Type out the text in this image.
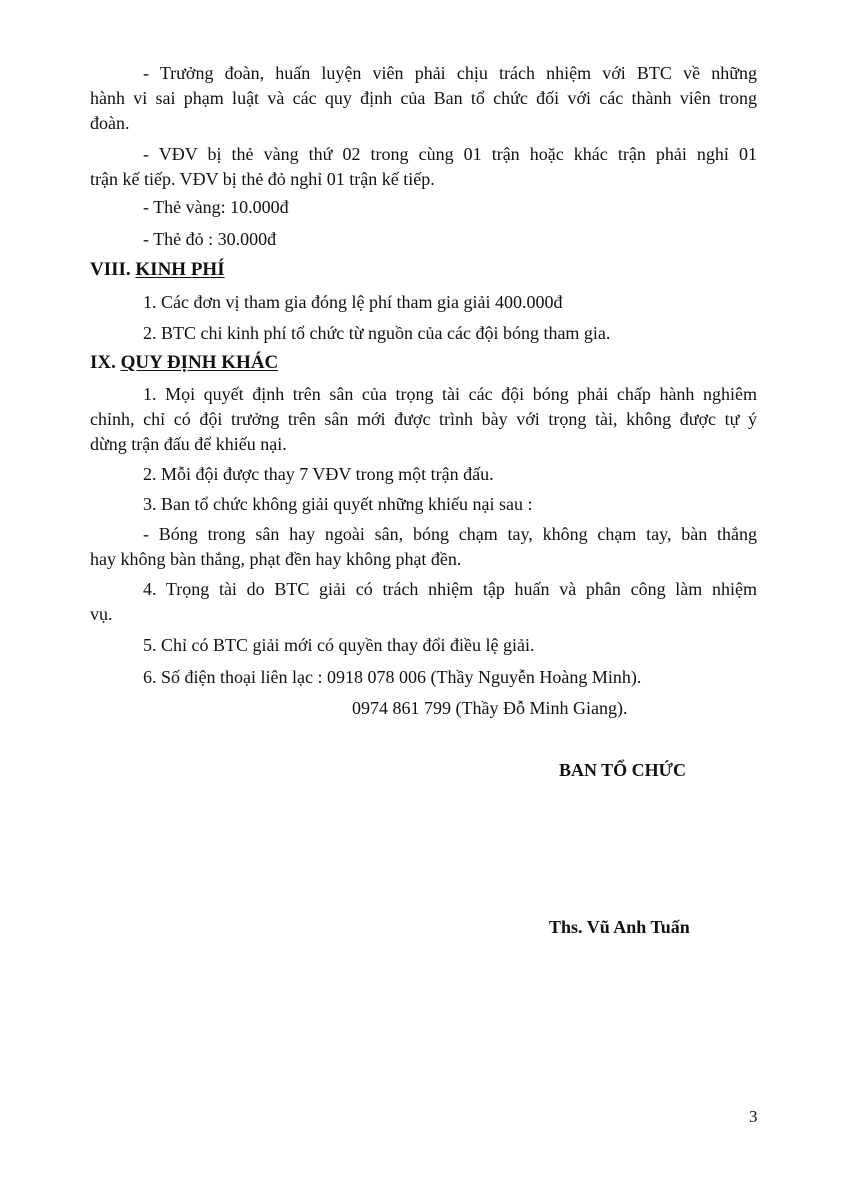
- Trưởng đoàn, huấn luyện viên phải chịu trách nhiệm với BTC về những
hành vi sai phạm luật và các quy định của Ban tổ chức đối với các thành viên trong
đoàn.
- VĐV bị thẻ vàng thứ 02 trong cùng 01 trận hoặc khác trận phải nghỉ 01
trận kế tiếp. VĐV bị thẻ đỏ nghỉ 01 trận kế tiếp.
- Thẻ vàng: 10.000đ
- Thẻ đỏ : 30.000đ
VIII. KINH PHÍ
1. Các đơn vị tham gia đóng lệ phí tham gia giải 400.000đ
2. BTC chi kinh phí tổ chức từ nguồn của các đội bóng tham gia.
IX. QUY ĐỊNH KHÁC
1. Mọi quyết định trên sân của trọng tài các đội bóng phải chấp hành nghiêm
chỉnh, chỉ có đội trưởng trên sân mới được trình bày với trọng tài, không được tự ý
dừng trận đấu để khiếu nại.
2. Mỗi đội được thay 7 VĐV trong một trận đấu.
3. Ban tổ chức không giải quyết những khiếu nại sau :
- Bóng trong sân hay ngoài sân, bóng chạm tay, không chạm tay, bàn thắng
hay không bàn thắng, phạt đền hay không phạt đền.
4. Trọng tài do BTC giải có trách nhiệm tập huấn và phân công làm nhiệm
vụ.
5. Chỉ có BTC giải mới có quyền thay đổi điều lệ giải.
6. Số điện thoại liên lạc : 0918 078 006 (Thầy Nguyễn Hoàng Minh).
0974 861 799 (Thầy Đỗ Minh Giang).
BAN TỔ CHỨC
Ths. Vũ Anh Tuấn
3
